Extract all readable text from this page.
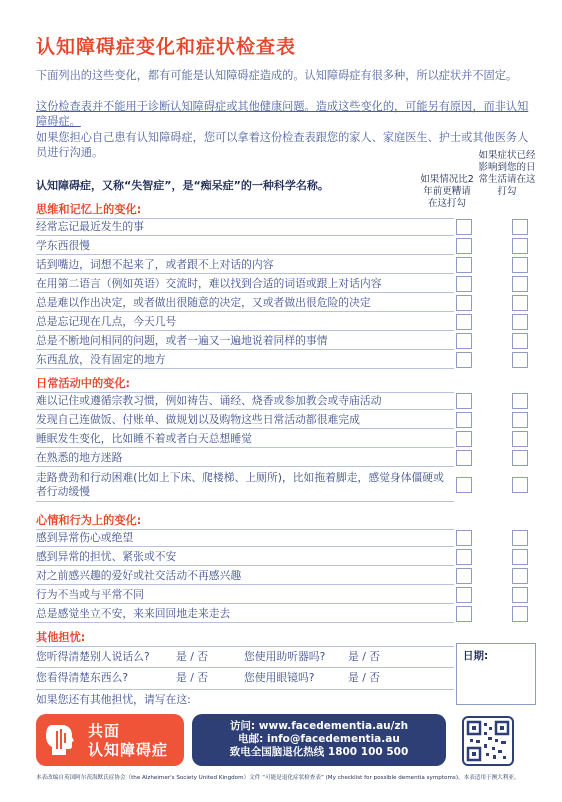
认知障碍症变化和症状检查表

下面列出的这些变化，都有可能是认知障碍症造成的。认知障碍症有很多种，所以症状并不固定。

这份检查表并不能用于诊断认知障碍症或其他健康问题。造成这些变化的，可能另有原因，而非认知障碍症。

如果您担心自己患有认知障碍症，您可以拿着这份检查表跟您的家人、家庭医生、护士或其他医务人员进行沟通。

认知障碍症，又称“失智症”，是“痴呆症”的一种科学名称。	如果情况比2年前更糟请在这打勾
如果症状已经影响到您的日常生活请在这打勾
思维和记忆上的变化:
经常忘记最近发生的事
学东西很慢
话到嘴边，词想不起来了，或者跟不上对话的内容
在用第二语言（例如英语）交流时，难以找到合适的词语或跟上对话内容
总是难以作出决定，或者做出很随意的决定，又或者做出很危险的决定
总是忘记现在几点，今天几号
总是不断地问相同的问题，或者一遍又一遍地说着同样的事情
东西乱放，没有固定的地方
日常活动中的变化:
难以记住或遵循宗教习惯，例如祷告、诵经、烧香或参加教会或寺庙活动
发现自己连做饭、付账单、做规划以及购物这些日常活动都很难完成
睡眠发生变化，比如睡不着或者白天总想睡觉
在熟悉的地方迷路
走路费劲和行动困难(比如上下床、爬楼梯、上厕所)，比如拖着脚走，感觉身体僵硬或者行动缓慢
心情和行为上的变化:
感到异常伤心或绝望
感到异常的担忧、紧张或不安
对之前感兴趣的爱好或社交活动不再感兴趣
行为不当或与平常不同
总是感觉坐立不安，来来回回地走来走去
其他担忧:
您听得清楚别人说话么?	是 / 否	您使用助听器吗?	是 / 否
您看得清楚东西么?	是 / 否	您使用眼镜吗?	是 / 否
如果您还有其他担忧，请写在这:
日期:
共面
认知障碍症
访问: www.facedementia.au/zh
电邮: info@facedementia.au
致电全国脑退化热线 1800 100 500
本表改编自英国阿尔茨海默氏症协会（the Alzheimer's Society United Kingdom）文件 “可能是退化症状检查表” (My checklist for possible dementia symptoms)。本表适用于澳大利亚。
